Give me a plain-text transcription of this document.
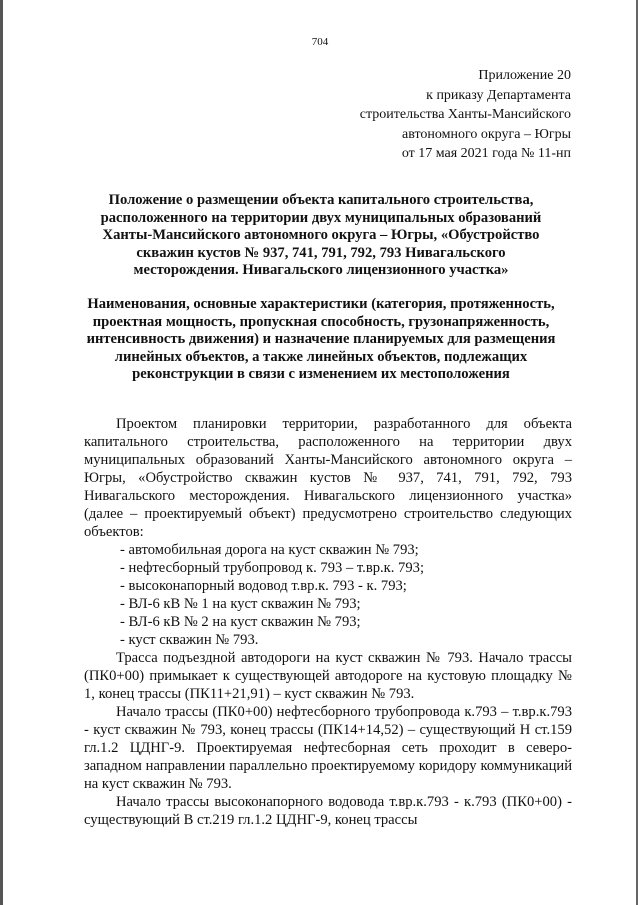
704
Приложение 20
к приказу Департамента
строительства Ханты-Мансийского
автономного округа – Югры
от 17 мая 2021 года № 11-нп
Положение о размещении объекта капитального строительства, расположенного на территории двух муниципальных образований Ханты-Мансийского автономного округа – Югры, «Обустройство скважин кустов № 937, 741, 791, 792, 793 Нивагальского месторождения. Нивагальского лицензионного участка»
Наименования, основные характеристики (категория, протяженность, проектная мощность, пропускная способность, грузонапряженность, интенсивность движения) и назначение планируемых для размещения линейных объектов, а также линейных объектов, подлежащих реконструкции в связи с изменением их местоположения

Проектом планировки территории, разработанного для объекта капитального строительства, расположенного на территории двух муниципальных образований Ханты-Мансийского автономного округа – Югры, «Обустройство скважин кустов № 937, 741, 791, 792, 793 Нивагальского месторождения. Нивагальского лицензионного участка» (далее – проектируемый объект) предусмотрено строительство следующих объектов:

- автомобильная дорога на куст скважин № 793;

- нефтесборный трубопровод к. 793 – т.вр.к. 793;

- высоконапорный водовод т.вр.к. 793 - к. 793;

- ВЛ-6 кВ № 1 на куст скважин № 793;

- ВЛ-6 кВ № 2 на куст скважин № 793;

- куст скважин № 793.

Трасса подъездной автодороги на куст скважин № 793. Начало трассы (ПК0+00) примыкает к существующей автодороге на кустовую площадку № 1, конец трассы (ПК11+21,91) – куст скважин № 793.

Начало трассы (ПК0+00) нефтесборного трубопровода к.793 – т.вр.к.793 - куст скважин № 793, конец трассы (ПК14+14,52) – существующий Н ст.159 гл.1.2 ЦДНГ-9. Проектируемая нефтесборная сеть проходит в северо-западном направлении параллельно проектируемому коридору коммуникаций на куст скважин № 793.

Начало трассы высоконапорного водовода т.вр.к.793 - к.793 (ПК0+00) - существующий В ст.219 гл.1.2 ЦДНГ-9, конец трассы
